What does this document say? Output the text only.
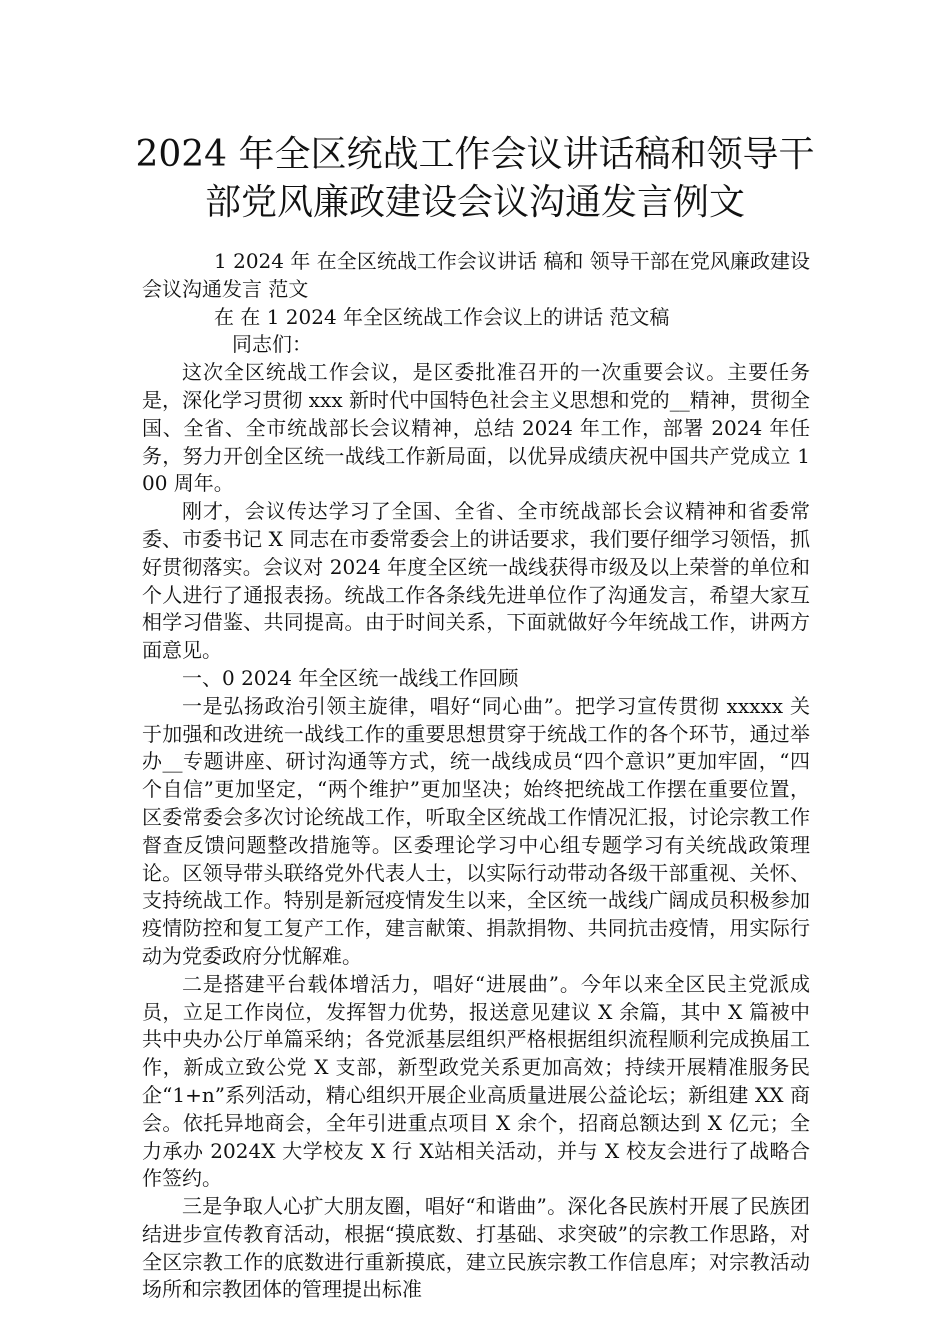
2024 年全区统战工作会议讲话稿和领导干
部党风廉政建设会议沟通发言例文

1 2024 年 在全区统战工作会议讲话 稿和 领导干部在党风廉政建设会议沟通发言 范文

在 在 1 2024 年全区统战工作会议上的讲话 范文稿

同志们：

这次全区统战工作会议，是区委批准召开的一次重要会议。主要任务是，深化学习贯彻 xxx 新时代中国特色社会主义思想和党的__精神，贯彻全国、全省、全市统战部长会议精神，总结 2024 年工作，部署 2024 年任务，努力开创全区统一战线工作新局面，以优异成绩庆祝中国共产党成立 100 周年。

刚才，会议传达学习了全国、全省、全市统战部长会议精神和省委常委、市委书记 X 同志在市委常委会上的讲话要求，我们要仔细学习领悟，抓好贯彻落实。会议对 2024 年度全区统一战线获得市级及以上荣誉的单位和个人进行了通报表扬。统战工作各条线先进单位作了沟通发言，希望大家互相学习借鉴、共同提高。由于时间关系，下面就做好今年统战工作，讲两方面意见。

一、0 2024 年全区统一战线工作回顾

一是弘扬政治引领主旋律，唱好“同心曲”。把学习宣传贯彻 xxxxx 关于加强和改进统一战线工作的重要思想贯穿于统战工作的各个环节，通过举办__专题讲座、研讨沟通等方式，统一战线成员“四个意识”更加牢固，“四个自信”更加坚定，“两个维护”更加坚决；始终把统战工作摆在重要位置，区委常委会多次讨论统战工作，听取全区统战工作情况汇报，讨论宗教工作督查反馈问题整改措施等。区委理论学习中心组专题学习有关统战政策理论。区领导带头联络党外代表人士，以实际行动带动各级干部重视、关怀、支持统战工作。特别是新冠疫情发生以来，全区统一战线广阔成员积极参加疫情防控和复工复产工作，建言献策、捐款捐物、共同抗击疫情，用实际行动为党委政府分忧解难。

二是搭建平台载体增活力，唱好“进展曲”。今年以来全区民主党派成员，立足工作岗位，发挥智力优势，报送意见建议 X 余篇，其中 X 篇被中共中央办公厅单篇采纳；各党派基层组织严格根据组织流程顺利完成换届工作，新成立致公党 X 支部，新型政党关系更加高效；持续开展精准服务民企“1+n”系列活动，精心组织开展企业高质量进展公益论坛；新组建 XX 商会。依托异地商会，全年引进重点项目 X 余个，招商总额达到 X 亿元；全力承办 2024X 大学校友 X 行 X站相关活动，并与 X 校友会进行了战略合作签约。

三是争取人心扩大朋友圈，唱好“和谐曲”。深化各民族村开展了民族团结进步宣传教育活动，根据“摸底数、打基础、求突破”的宗教工作思路，对全区宗教工作的底数进行重新摸底，建立民族宗教工作信息库；对宗教活动场所和宗教团体的管理提出标准
